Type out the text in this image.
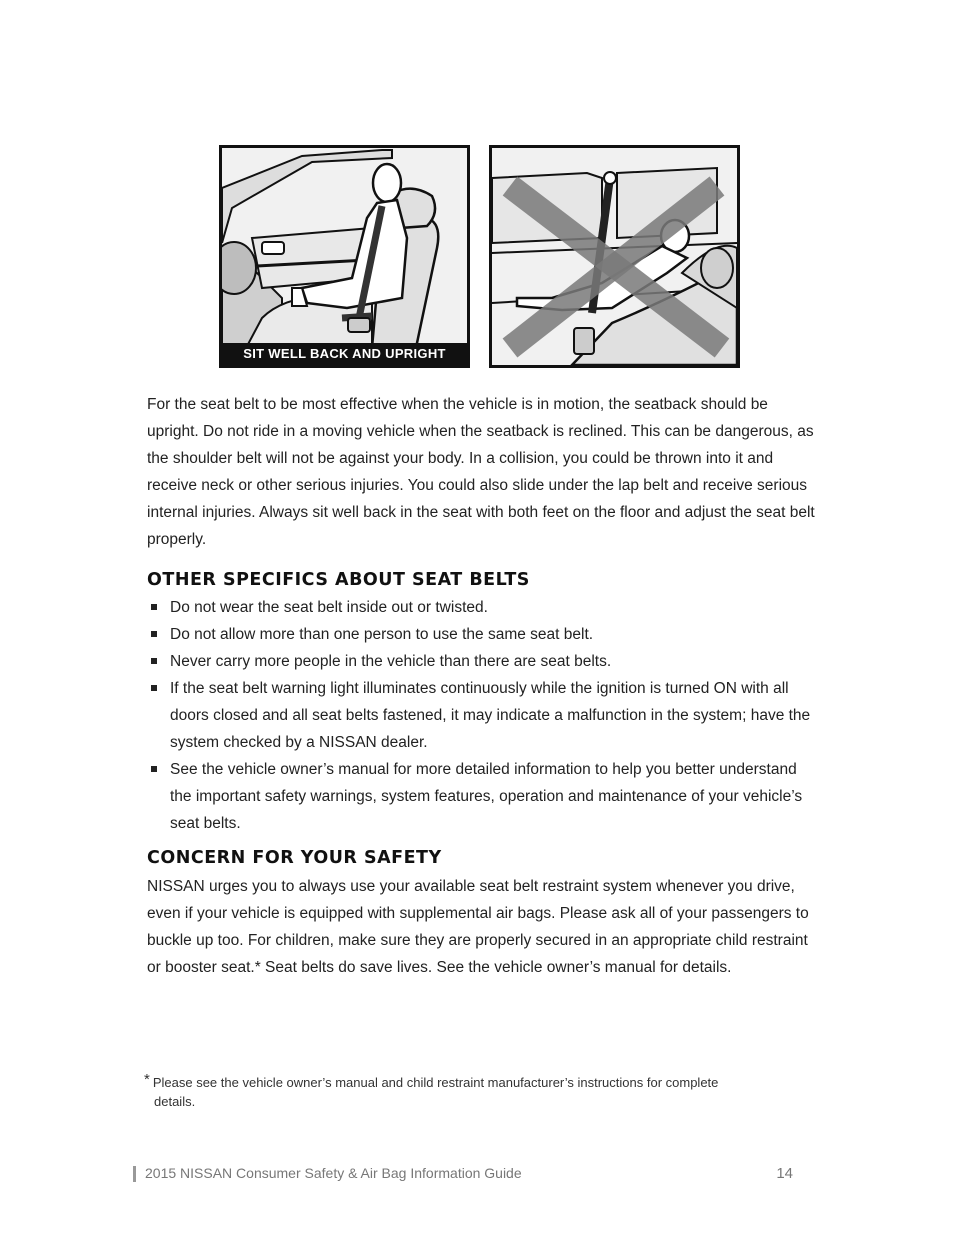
SIT WELL BACK AND UPRIGHT
For the seat belt to be most effective when the vehicle is in motion, the seatback should be upright. Do not ride in a moving vehicle when the seatback is reclined. This can be dangerous, as the shoulder belt will not be against your body. In a collision, you could be thrown into it and receive neck or other serious injuries. You could also slide under the lap belt and receive serious internal injuries. Always sit well back in the seat with both feet on the floor and adjust the seat belt properly.
OTHER SPECIFICS ABOUT SEAT BELTS
Do not wear the seat belt inside out or twisted.
Do not allow more than one person to use the same seat belt.
Never carry more people in the vehicle than there are seat belts.
If the seat belt warning light illuminates continuously while the ignition is turned ON with all doors closed and all seat belts fastened, it may indicate a malfunction in the system; have the system checked by a NISSAN dealer.
See the vehicle owner’s manual for more detailed information to help you better understand the important safety warnings, system features, operation and maintenance of your vehicle’s seat belts.
CONCERN FOR YOUR SAFETY
NISSAN urges you to always use your available seat belt restraint system whenever you drive, even if your vehicle is equipped with supplemental air bags. Please ask all of your passengers to buckle up too. For children, make sure they are properly secured in an appropriate child restraint or booster seat.* Seat belts do save lives. See the vehicle owner’s manual for details.
* Please see the vehicle owner’s manual and child restraint manufacturer’s instructions for complete
details.
2015 NISSAN Consumer Safety & Air Bag Information Guide	14
